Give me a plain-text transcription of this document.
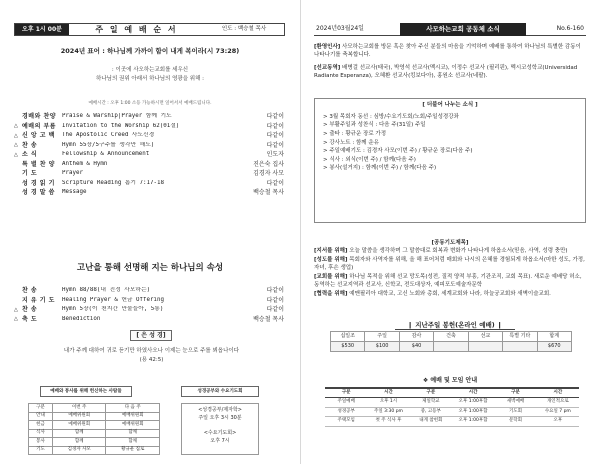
오후 1시 00분	주 일 예 배 순 서	인도 : 백승철 목사
2024년 표어 : 하나님께 가까이 함이 내게 복이라(시 73:28)
: 이곳에 사오하는교회를 세우신
하나님의 권위 아래서 하나님의 영광을 위해 :
예배시간 : 오후 1:00 소등 가능하시면 일어서서 예배드립니다.
경배와 찬양	Praise & Warship|Prayer 함께 기도	다같이
△ 예배의 부름	Invitation to the Worship 62(01절)	다같이
△ 신 앙 고 백	The Apostolic Creed 사도신경	다같이
△ 찬 송	Hymn 55장/5구주를 생각만 해도)	다같이
△ 소 식	Fellowship & Announcement	인도자
특 별 찬 양	Anthem & Hymn	진은숙 집사
기 도	Prayer	김경자 사모
성 경 읽 기	Scripture Reading 롬기 7:17-18	다같이
성 경 말 씀	Message	백승철 목사
고난을 통해 선명해 지는 하나님의 속성
찬 송	Hymn 88/88(내 진정 사모하는)	다같이
지 유 기 도	Healing Prayer & 헌금 Offering	다같이
△ 찬 송	Hymn 5장(이 천지간 만물들아, 5통)	다같이
△ 축 도	Benediction	백승철 목사
[ 은 성 경]
내가 주께 대하여 귀로 듣기만 하였사오나 이제는 눈으로 주를 뵈옵나이다
(용 42:5)
예배와 봉사를 위해 헌신하는 사람들
구분	이번 주	다 음 주
안내	예배위원회	예배위원회
헌금	예배위원회	예배위원회
식사	함께	함께
봉사	함께	함께
기도	김경자 사모	황규운 집로
성경공부와 수요기도회
<성경공부/제자학>
주일 오후 3시 30분

<수요기도회>
오후 7시
2024년03월24일	사모하는교회 공동체 소식	No.6-160

[환영인사] 사모하는교회를 방문 혹은 찾아 주신 분들의 마음을 기억하며 예배를 통하여 하나님의 특별한 감동이 나타나기를 축복합니다.

[선교동역] 배병걸 선교사(태국), 박영석 선교사(멕시코), 이정수 선교사 (필리핀), 멕시코성학교(Universidad Radiante Esperanza), 오혜환 선교사(킹보다아), 홍원소 선교사(네팔).

[ 더불어 나누는 소식 ]
> 3월 목회자 동선 : 심방/수요기도회/노회/주일성경강좌
> 부활주일과 성찬식 : 다음 주(31일) 주일
> 출타 : 황규운 장로 가정
> 강사노트 : 함께 운유
> 주일예배기도 : 김경자 사모(이번 주) / 황규운 장로(다음 주)
> 식사 : 외식(이번 주) / 함께(다음 주)
> 봉사(설거지) : 함께(이번 주) / 함께(다음 주)
[공동기도제목]

[지서를 위해] 오늘 말씀을 생각하며 그 말씀대로 회복과 변화가 나타나게 하옵소서(믿음, 사역, 성령 충만)

[성도를 위해] 목회자와 사역자를 위해, 올 해 표어처럼 매회와 나시의 은혜를 경험되게 하옵소서(마한 성도, 가정, 자녀, 후손 생업)

[교회를 위해] 하나님 목적을 위해 선교 망도목(성전, 질적 양적 부흥, 기관조직, 교회 목표). 새로운 예배당 허소, 동역하는 선교지역과 선교사, 신학교, 전도대상자, 예피포도예술자문학

[협력을 위해] 예맨필리아 대학교, 고신 노회와 총회, 세계교회와 나라, 하늘궁교회와 새벽이슬교회.

❙ 지난주일 봉헌(온라인 예배) ❙
십일조	주일	감사	건축	선교	특별 기타	합계
$530	$100	$40				$670
❖ 예배 및 모임 안내
구분	시간	구분	시간	구분	시간
주일예배	오후 1시	제일학교	오후 1:00후함	새벽예배	개인적으로
성경공부	주일 3:30 pm	중, 고등부	오후 1:00후함	기도회	수요일 7 pm
주택모임	첫 주 식사 후	내게 참헌회	오후 1:00후함	문학회	오후
